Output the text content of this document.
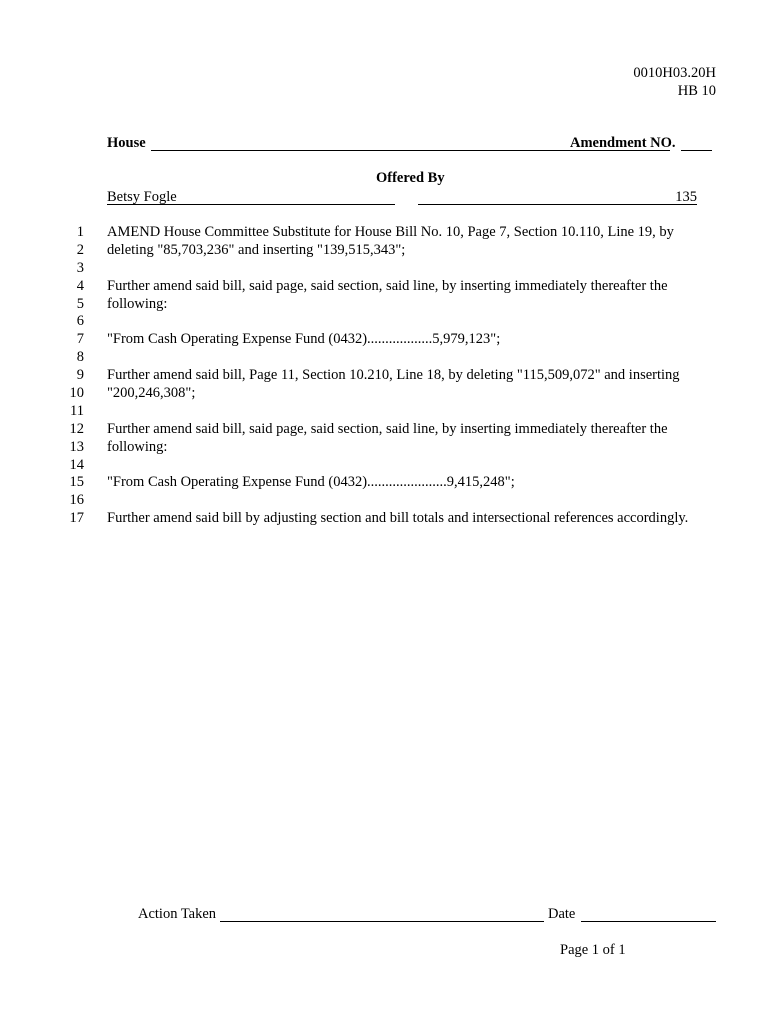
0010H03.20H
HB 10
House	Amendment NO.
Offered By
Betsy Fogle	135
1
2
3
4
5
6
7
8
9
10
11
12
13
14
15
16
17
AMEND House Committee Substitute for House Bill No. 10, Page 7, Section 10.110, Line 19, by
deleting "85,703,236" and inserting "139,515,343";
Further amend said bill, said page, said section, said line, by inserting immediately thereafter the
following:
"From Cash Operating Expense Fund (0432)..................5,979,123";
Further amend said bill, Page 11, Section 10.210, Line 18, by deleting "115,509,072" and inserting
"200,246,308";
Further amend said bill, said page, said section, said line, by inserting immediately thereafter the
following:
"From Cash Operating Expense Fund (0432)......................9,415,248";
Further amend said bill by adjusting section and bill totals and intersectional references accordingly.
Action Taken	Date
Page 1 of 1
